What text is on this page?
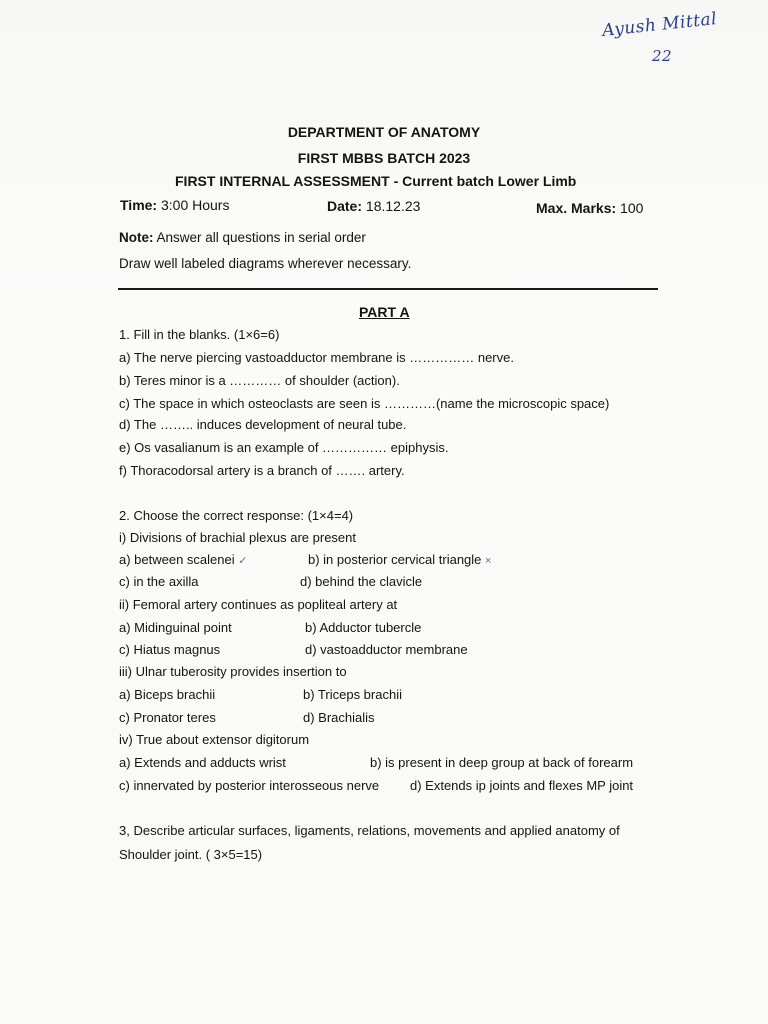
Ayush Mittal
22
DEPARTMENT OF ANATOMY
FIRST MBBS BATCH 2023
FIRST INTERNAL ASSESSMENT - Current batch Lower Limb
Time: 3:00 Hours	Date: 18.12.23	Max. Marks: 100
Note: Answer all questions in serial order
Draw well labeled diagrams wherever necessary.
PART A
1. Fill in the blanks. (1×6=6)
a) The nerve piercing vastoadductor membrane is …………… nerve.
b) Teres minor is a ………… of shoulder (action).
c) The space in which osteoclasts are seen is …………(name the microscopic space)
d) The …….. induces development of neural tube.
e) Os vasalianum is an example of …………… epiphysis.
f) Thoracodorsal artery is a branch of ……. artery.
2. Choose the correct response: (1×4=4)
i) Divisions of brachial plexus are present
a) between scalenei ✓	b) in posterior cervical triangle ×
c) in the axilla	d) behind the clavicle
ii) Femoral artery continues as popliteal artery at
a) Midinguinal point	b) Adductor tubercle
c) Hiatus magnus	d) vastoadductor membrane
iii) Ulnar tuberosity provides insertion to
a) Biceps brachii	b) Triceps brachii
c) Pronator teres	d) Brachialis
iv) True about extensor digitorum
a) Extends and adducts wrist	b) is present in deep group at back of forearm
c) innervated by posterior interosseous nerve d) Extends ip joints and flexes MP joint
3, Describe articular surfaces, ligaments, relations, movements and applied anatomy of
Shoulder joint. ( 3×5=15)
